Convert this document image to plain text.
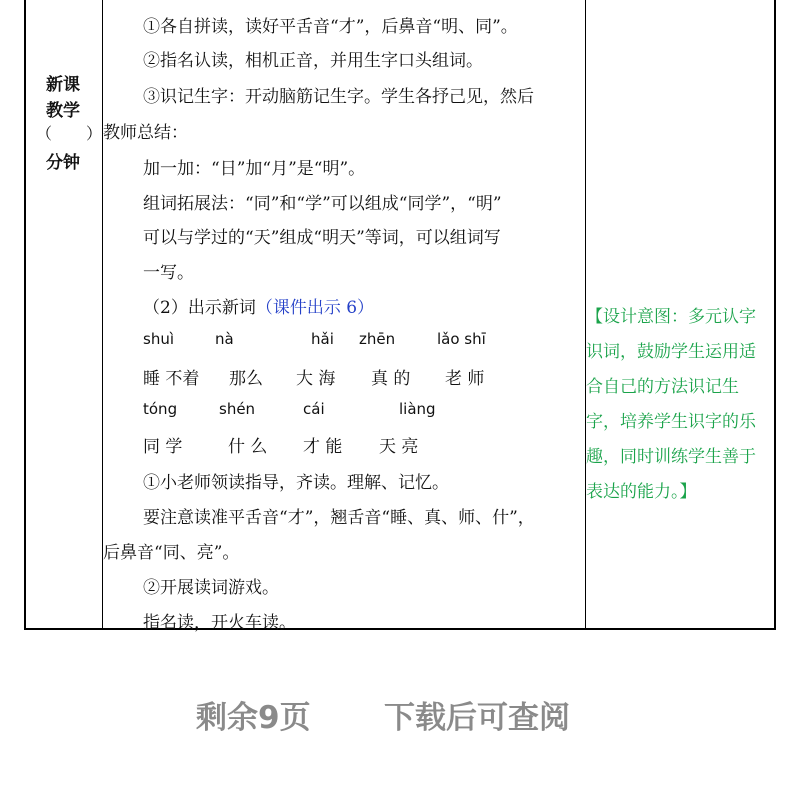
新课
教学
（ ）
分钟
①各自拼读，读好平舌音“才”，后鼻音“明、同”。
②指名认读，相机正音，并用生字口头组词。
③识记生字：开动脑筋记生字。学生各抒己见，然后
教师总结：
加一加：“日”加“月”是“明”。
组词拓展法：“同”和“学”可以组成“同学”，“明”
可以与学过的“天”组成“明天”等词，可以组词写
一写。
（2）出示新词（课件出示 6）
shuì	nà	hǎi zhēn	lǎo shī
睡 不着 那么 大 海 真 的 老 师
tóng	shén	cái	liàng
同 学	什 么 才 能 天 亮
①小老师领读指导，齐读。理解、记忆。
要注意读准平舌音“才”，翘舌音“睡、真、师、什”，
后鼻音“同、亮”。
②开展读词游戏。
指名读，开火车读。
【设计意图：多元认字
识词，鼓励学生运用适
合自己的方法识记生
字，培养学生识字的乐
趣，同时训练学生善于
表达的能力。】
剩余9页 下载后可查阅
